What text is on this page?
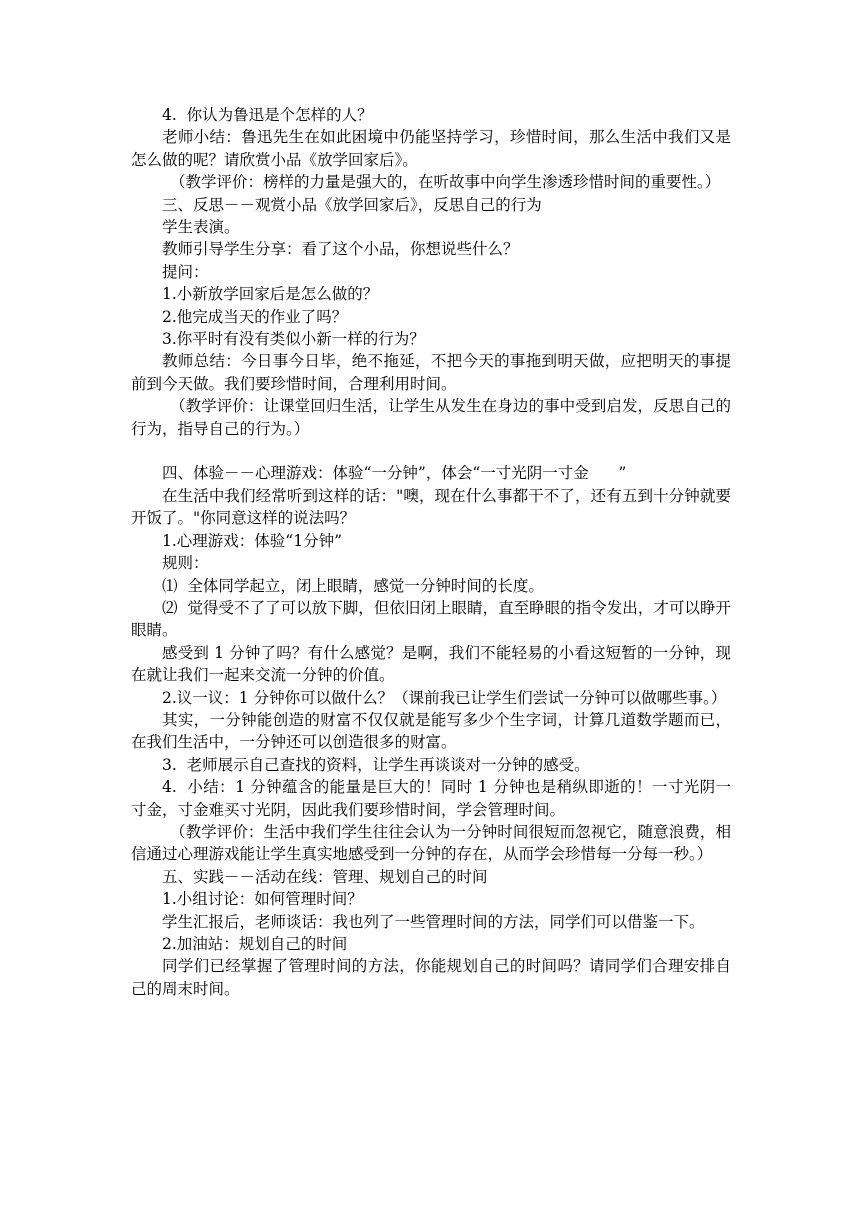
4.  你认为鲁迅是个怎样的人？

老师小结：鲁迅先生在如此困境中仍能坚持学习，珍惜时间，那么生活中我们又是怎么做的呢？请欣赏小品《放学回家后》。

（教学评价：榜样的力量是强大的，在听故事中向学生渗透珍惜时间的重要性。）

三、反思－－观赏小品《放学回家后》，反思自己的行为

学生表演。

教师引导学生分享：看了这个小品，你想说些什么？

提问：

1.小新放学回家后是怎么做的？

2.他完成当天的作业了吗？

3.你平时有没有类似小新一样的行为？

教师总结：今日事今日毕，绝不拖延，不把今天的事拖到明天做，应把明天的事提前到今天做。我们要珍惜时间，合理利用时间。

（教学评价：让课堂回归生活，让学生从发生在身边的事中受到启发，反思自己的行为，指导自己的行为。）

四、体验－－心理游戏：体验“一分钟”，体会“一寸光阴一寸金      ”

在生活中我们经常听到这样的话："噢，现在什么事都干不了，还有五到十分钟就要开饭了。"你同意这样的说法吗？

1.心理游戏：体验“1分钟”

规则：

⑴  全体同学起立，闭上眼睛，感觉一分钟时间的长度。

⑵  觉得受不了了可以放下脚，但依旧闭上眼睛，直至睁眼的指令发出，才可以睁开眼睛。

感受到 1 分钟了吗？有什么感觉？是啊，我们不能轻易的小看这短暂的一分钟，现在就让我们一起来交流一分钟的价值。

2.议一议：1 分钟你可以做什么？（课前我已让学生们尝试一分钟可以做哪些事。）

其实，一分钟能创造的财富不仅仅就是能写多少个生字词，计算几道数学题而已，在我们生活中，一分钟还可以创造很多的财富。

3.  老师展示自己查找的资料，让学生再谈谈对一分钟的感受。

4.  小结：1 分钟蕴含的能量是巨大的！同时 1 分钟也是稍纵即逝的！一寸光阴一寸金，寸金难买寸光阴，因此我们要珍惜时间，学会管理时间。

（教学评价：生活中我们学生往往会认为一分钟时间很短而忽视它，随意浪费，相信通过心理游戏能让学生真实地感受到一分钟的存在，从而学会珍惜每一分每一秒。）

五、实践－－活动在线：管理、规划自己的时间

1.小组讨论：如何管理时间？

学生汇报后，老师谈话：我也列了一些管理时间的方法，同学们可以借鉴一下。

2.加油站：规划自己的时间

同学们已经掌握了管理时间的方法，你能规划自己的时间吗？请同学们合理安排自己的周末时间。
